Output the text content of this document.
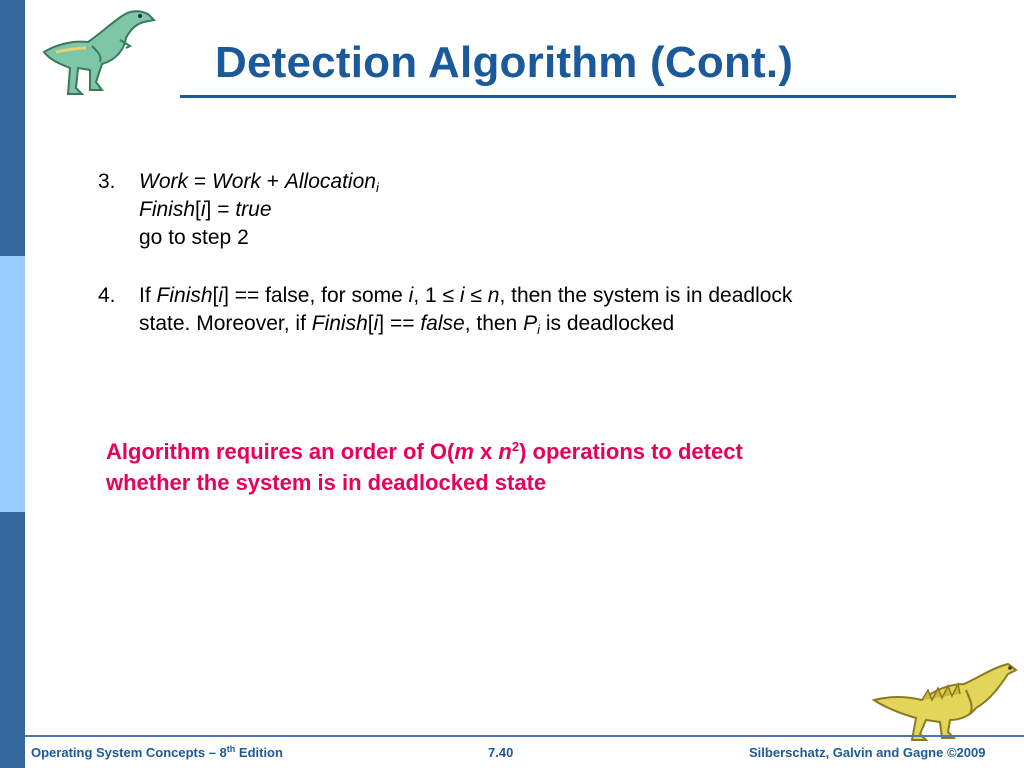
Detection Algorithm (Cont.)
3. Work = Work + Allocation$_i$
Finish[i] = true
go to step 2
4. If Finish[i] == false, for some i, 1 ≤ i ≤ n, then the system is in deadlock
state. Moreover, if Finish[i] == false, then $P_i$ is deadlocked
Algorithm requires an order of O(m x $n^2$) operations to detect
whether the system is in deadlocked state
Operating System Concepts – 8th Edition	7.40	Silberschatz, Galvin and Gagne ©2009
